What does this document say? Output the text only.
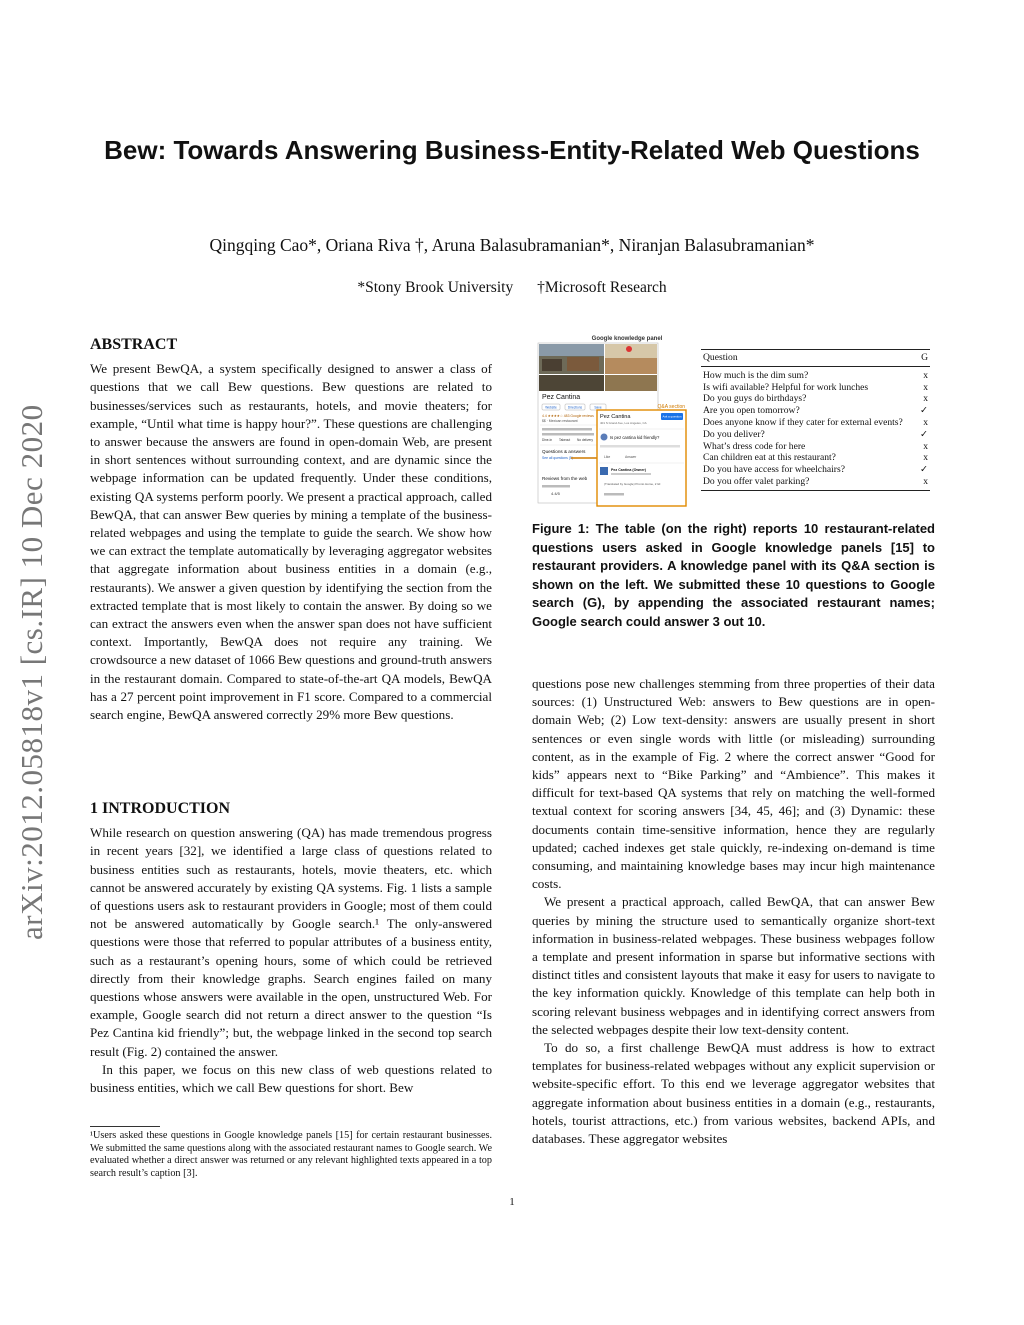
Bew: Towards Answering Business-Entity-Related Web Questions
Qingqing Cao*, Oriana Riva †, Aruna Balasubramanian*, Niranjan Balasubramanian*
*Stony Brook University †Microsoft Research
arXiv:2012.05818v1 [cs.IR] 10 Dec 2020
ABSTRACT

We present BewQA, a system specifically designed to answer a class of questions that we call Bew questions. Bew questions are related to businesses/services such as restaurants, hotels, and movie theaters; for example, “Until what time is happy hour?”. These questions are challenging to answer because the answers are found in open-domain Web, are present in short sentences without surrounding context, and are dynamic since the webpage information can be updated frequently. Under these conditions, existing QA systems perform poorly. We present a practical approach, called BewQA, that can answer Bew queries by mining a template of the business-related webpages and using the template to guide the search. We show how we can extract the template automatically by leveraging aggregator websites that aggregate information about business entities in a domain (e.g., restaurants). We answer a given question by identifying the section from the extracted template that is most likely to contain the answer. By doing so we can extract the answers even when the answer span does not have sufficient context. Importantly, BewQA does not require any training. We crowdsource a new dataset of 1066 Bew questions and ground-truth answers in the restaurant domain. Compared to state-of-the-art QA models, BewQA has a 27 percent point improvement in F1 score. Compared to a commercial search engine, BewQA answered correctly 29% more Bew questions.

1 INTRODUCTION

While research on question answering (QA) has made tremendous progress in recent years [32], we identified a large class of questions related to business entities such as restaurants, hotels, movie theaters, etc. which cannot be answered accurately by existing QA systems. Fig. 1 lists a sample of questions users ask to restaurant providers in Google; most of them could not be answered automatically by Google search.¹ The only-answered questions were those that referred to popular attributes of a business entity, such as a restaurant’s opening hours, some of which could be retrieved directly from their knowledge graphs. Search engines failed on many questions whose answers were available in the open, unstructured Web. For example, Google search did not return a direct answer to the question “Is Pez Cantina kid friendly”; but, the webpage linked in the second top search result (Fig. 2) contained the answer.

In this paper, we focus on this new class of web questions related to business entities, which we call Bew questions for short. Bew

¹Users asked these questions in Google knowledge panels [15] for certain restaurant businesses. We submitted the same questions along with the associated restaurant names to Google search. We evaluated whether a direct answer was returned or any relevant highlighted texts appeared in a top search result’s caption [3].
Google knowledge panel
Pez Cantina
Website	Directions	Save
4.4 ★★★★☆ 483 Google reviews
$$ · Mexican restaurant
Dine-in Takeout No delivery
Questions & answers
See all questions (5)
Reviews from the web
4.4/5
Q&A section
Pez Cantina
401 S Grand Ave, Los Angeles, CA
Ask a question
Is pez cantina kid friendly?
Like	Answer
Pez Cantina (Owner)
(Translated by Google) Pronto Home, 2 lid
Question	G
How much is the dim sum?	x
Is wifi available? Helpful for work lunches	x
Do you guys do birthdays?	x
Are you open tomorrow?	✓
Does anyone know if they cater for external events?	x
Do you deliver?	✓
What’s dress code for here	x
Can children eat at this restaurant?	x
Do you have access for wheelchairs?	✓
Do you offer valet parking?	x
Figure 1: The table (on the right) reports 10 restaurant-related questions users asked in Google knowledge panels [15] to restaurant providers. A knowledge panel with its Q&A section is shown on the left. We submitted these 10 questions to Google search (G), by appending the associated restaurant names; Google search could answer 3 out 10.

questions pose new challenges stemming from three properties of their data sources: (1) Unstructured Web: answers to Bew questions are in open-domain Web; (2) Low text-density: answers are usually present in short sentences or even single words with little (or misleading) surrounding content, as in the example of Fig. 2 where the correct answer “Good for kids” appears next to “Bike Parking” and “Ambience”. This makes it difficult for text-based QA systems that rely on matching the well-formed textual context for scoring answers [34, 45, 46]; and (3) Dynamic: these documents contain time-sensitive information, hence they are regularly updated; cached indexes get stale quickly, re-indexing on-demand is time consuming, and maintaining knowledge bases may incur high maintenance costs.

We present a practical approach, called BewQA, that can answer Bew queries by mining the structure used to semantically organize short-text information in business-related webpages. These business webpages follow a template and present information in sparse but informative sections with distinct titles and consistent layouts that make it easy for users to navigate to the key information quickly. Knowledge of this template can help both in scoring relevant business webpages and in identifying correct answers from the selected webpages despite their low text-density content.

To do so, a first challenge BewQA must address is how to extract templates for business-related webpages without any explicit supervision or website-specific effort. To this end we leverage aggregator websites that aggregate information about business entities in a domain (e.g., restaurants, hotels, tourist attractions, etc.) from various websites, backend APIs, and databases. These aggregator websites

1
